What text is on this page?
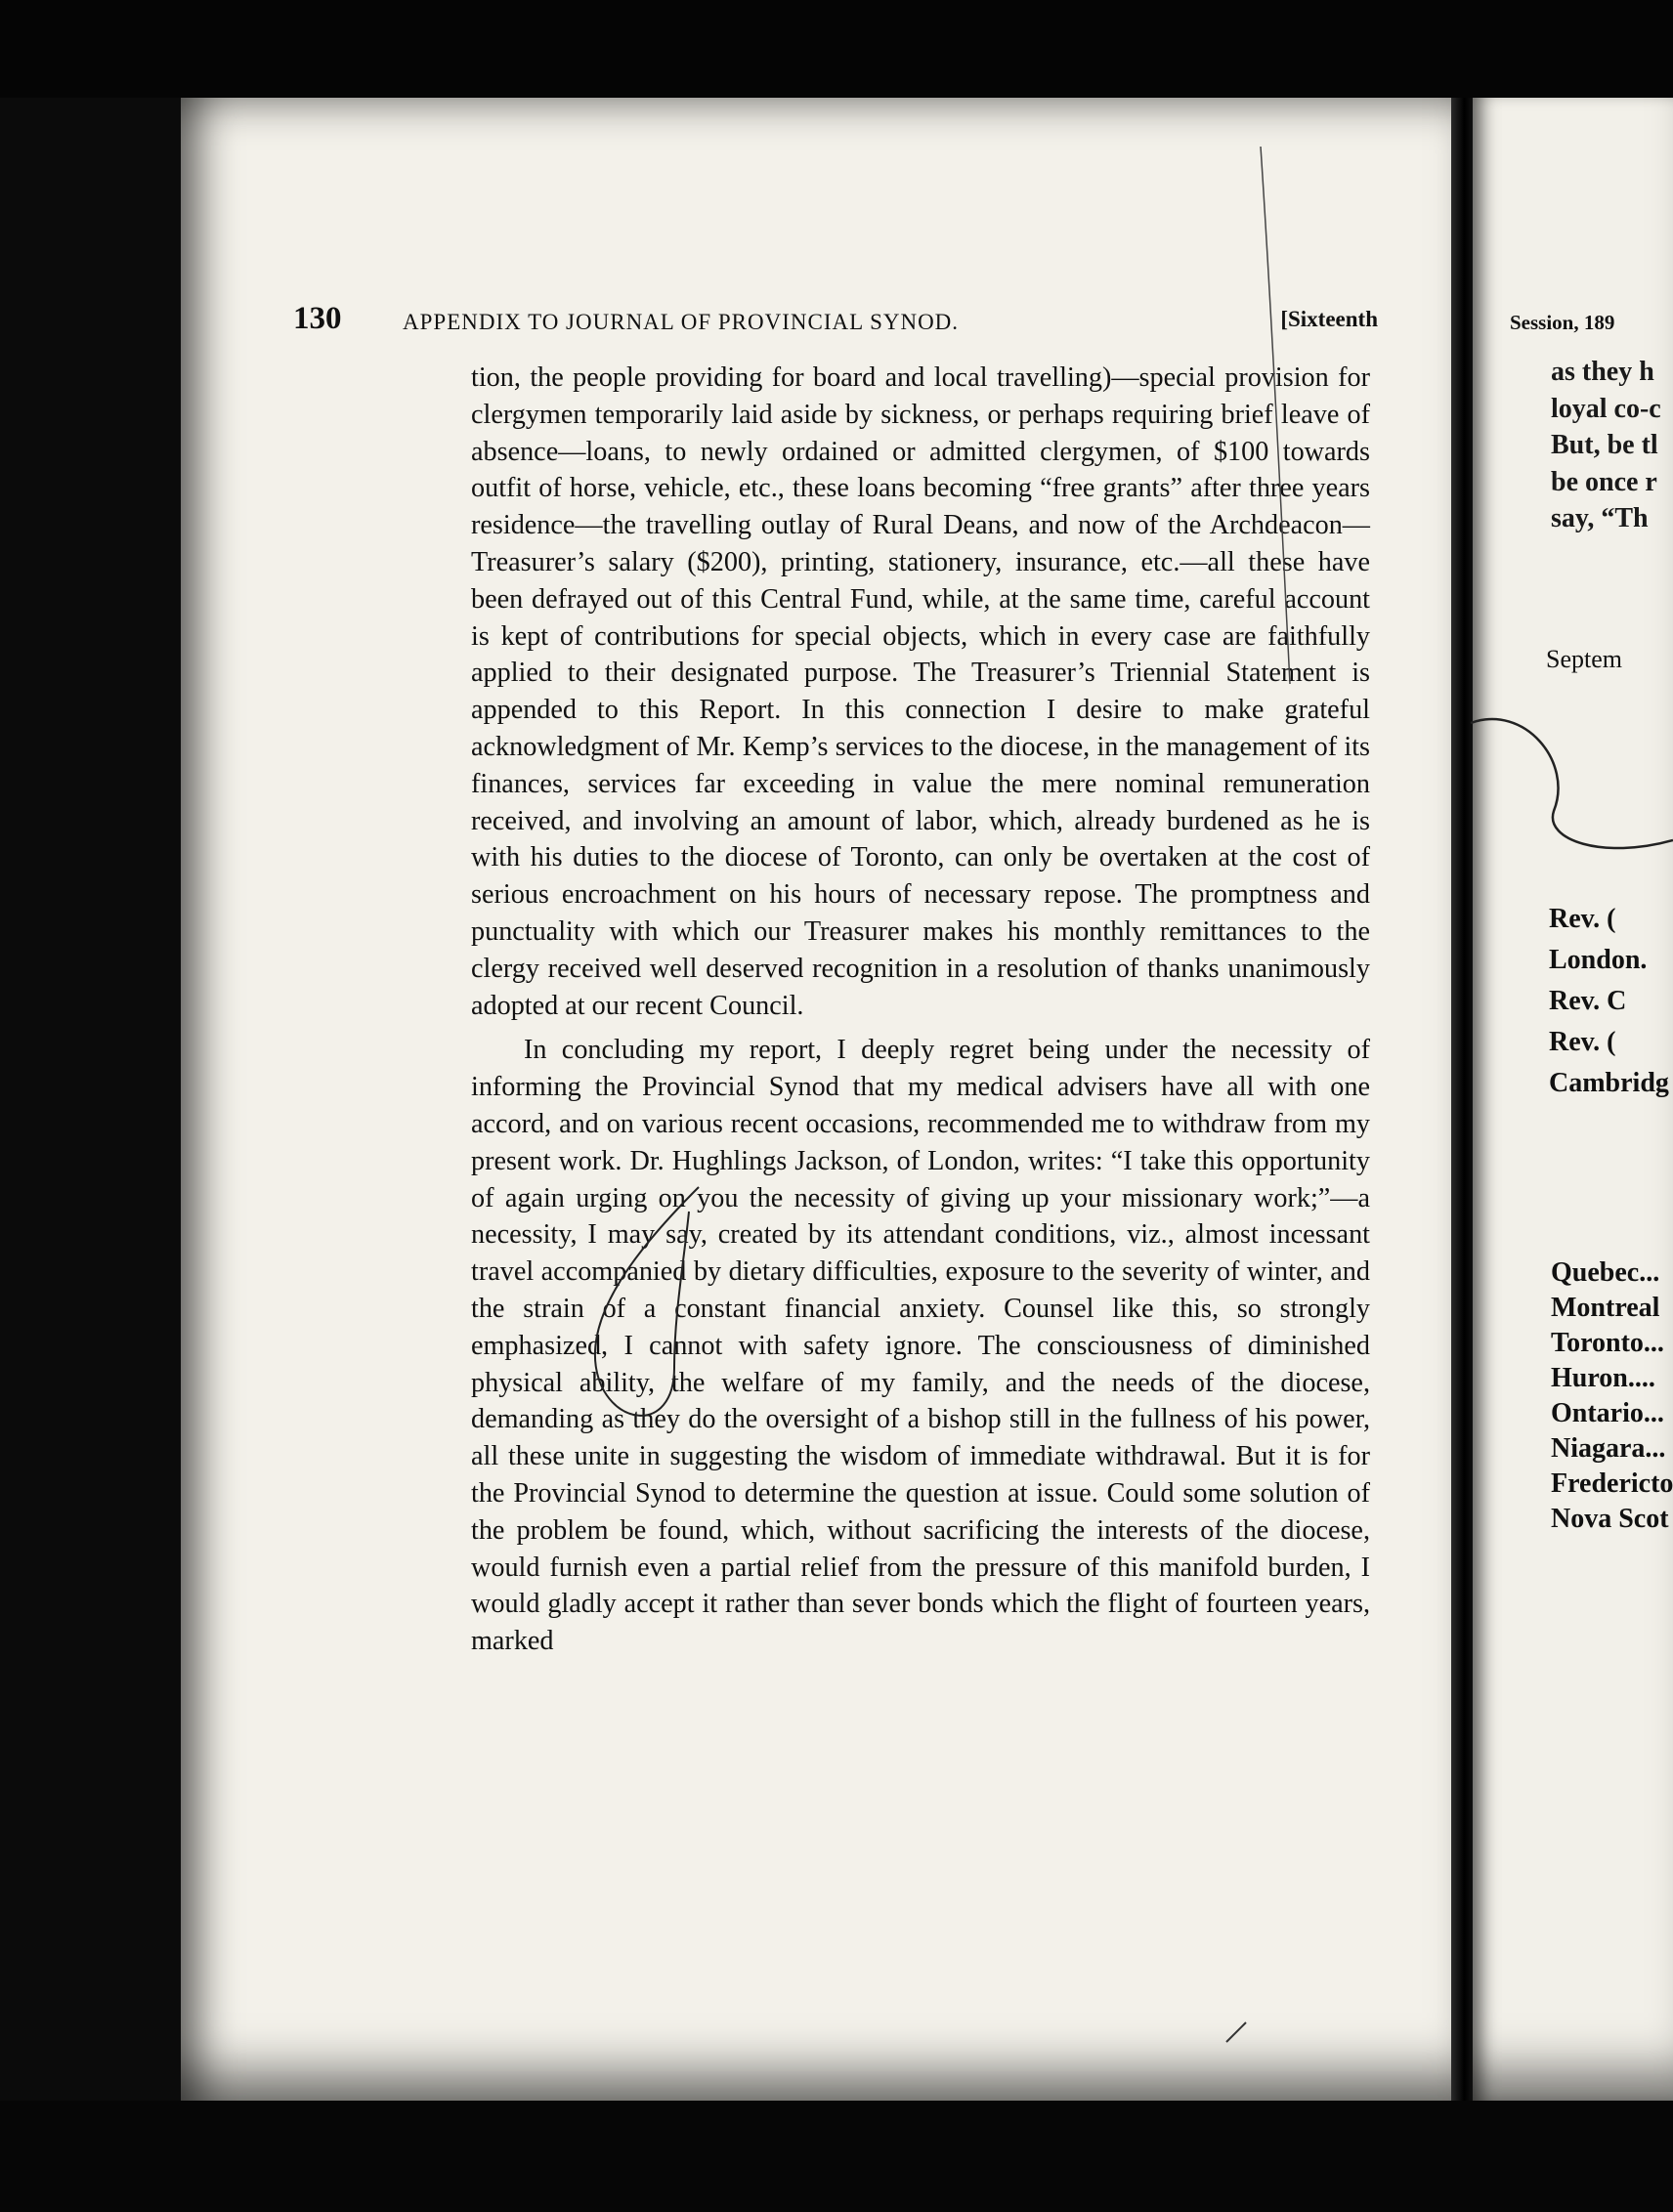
Session, 189
as they h
loyal co-c
But, be tl
be once r
say, “Th
Septem
Rev. (
London.
Rev. C
Rev. (
Cambridg
Quebec...
Montreal
Toronto...
Huron....
Ontario...
Niagara...
Fredericto
Nova Scot
130	APPENDIX TO JOURNAL OF PROVINCIAL SYNOD.	[Sixteenth

tion, the people providing for board and local travelling)—special provision for clergymen temporarily laid aside by sickness, or perhaps requiring brief leave of absence—loans, to newly ordained or admitted clergymen, of $100 towards outfit of horse, vehicle, etc., these loans becoming “free grants” after three years residence—the travelling outlay of Rural Deans, and now of the Archdeacon—Treasurer’s salary ($200), printing, stationery, insurance, etc.—all these have been defrayed out of this Central Fund, while, at the same time, careful account is kept of contributions for special objects, which in every case are faithfully applied to their designated purpose. The Treasurer’s Triennial Statement is appended to this Report. In this connection I desire to make grateful acknowledgment of Mr. Kemp’s services to the diocese, in the management of its finances, services far exceeding in value the mere nominal remuneration received, and involving an amount of labor, which, already burdened as he is with his duties to the diocese of Toronto, can only be overtaken at the cost of serious encroachment on his hours of necessary repose. The promptness and punctuality with which our Treasurer makes his monthly remittances to the clergy received well deserved recognition in a resolution of thanks unanimously adopted at our recent Council.

In concluding my report, I deeply regret being under the necessity of informing the Provincial Synod that my medical advisers have all with one accord, and on various recent occasions, recommended me to withdraw from my present work. Dr. Hughlings Jackson, of London, writes: “I take this opportunity of again urging on you the necessity of giving up your missionary work;”—a necessity, I may say, created by its attendant conditions, viz., almost incessant travel accompanied by dietary difficulties, exposure to the severity of winter, and the strain of a constant financial anxiety. Counsel like this, so strongly emphasized, I cannot with safety ignore. The consciousness of diminished physical ability, the welfare of my family, and the needs of the diocese, demanding as they do the oversight of a bishop still in the fullness of his power, all these unite in suggesting the wisdom of immediate withdrawal. But it is for the Provincial Synod to determine the question at issue. Could some solution of the problem be found, which, without sacrificing the interests of the diocese, would furnish even a partial relief from the pressure of this manifold burden, I would gladly accept it rather than sever bonds which the flight of fourteen years, marked
